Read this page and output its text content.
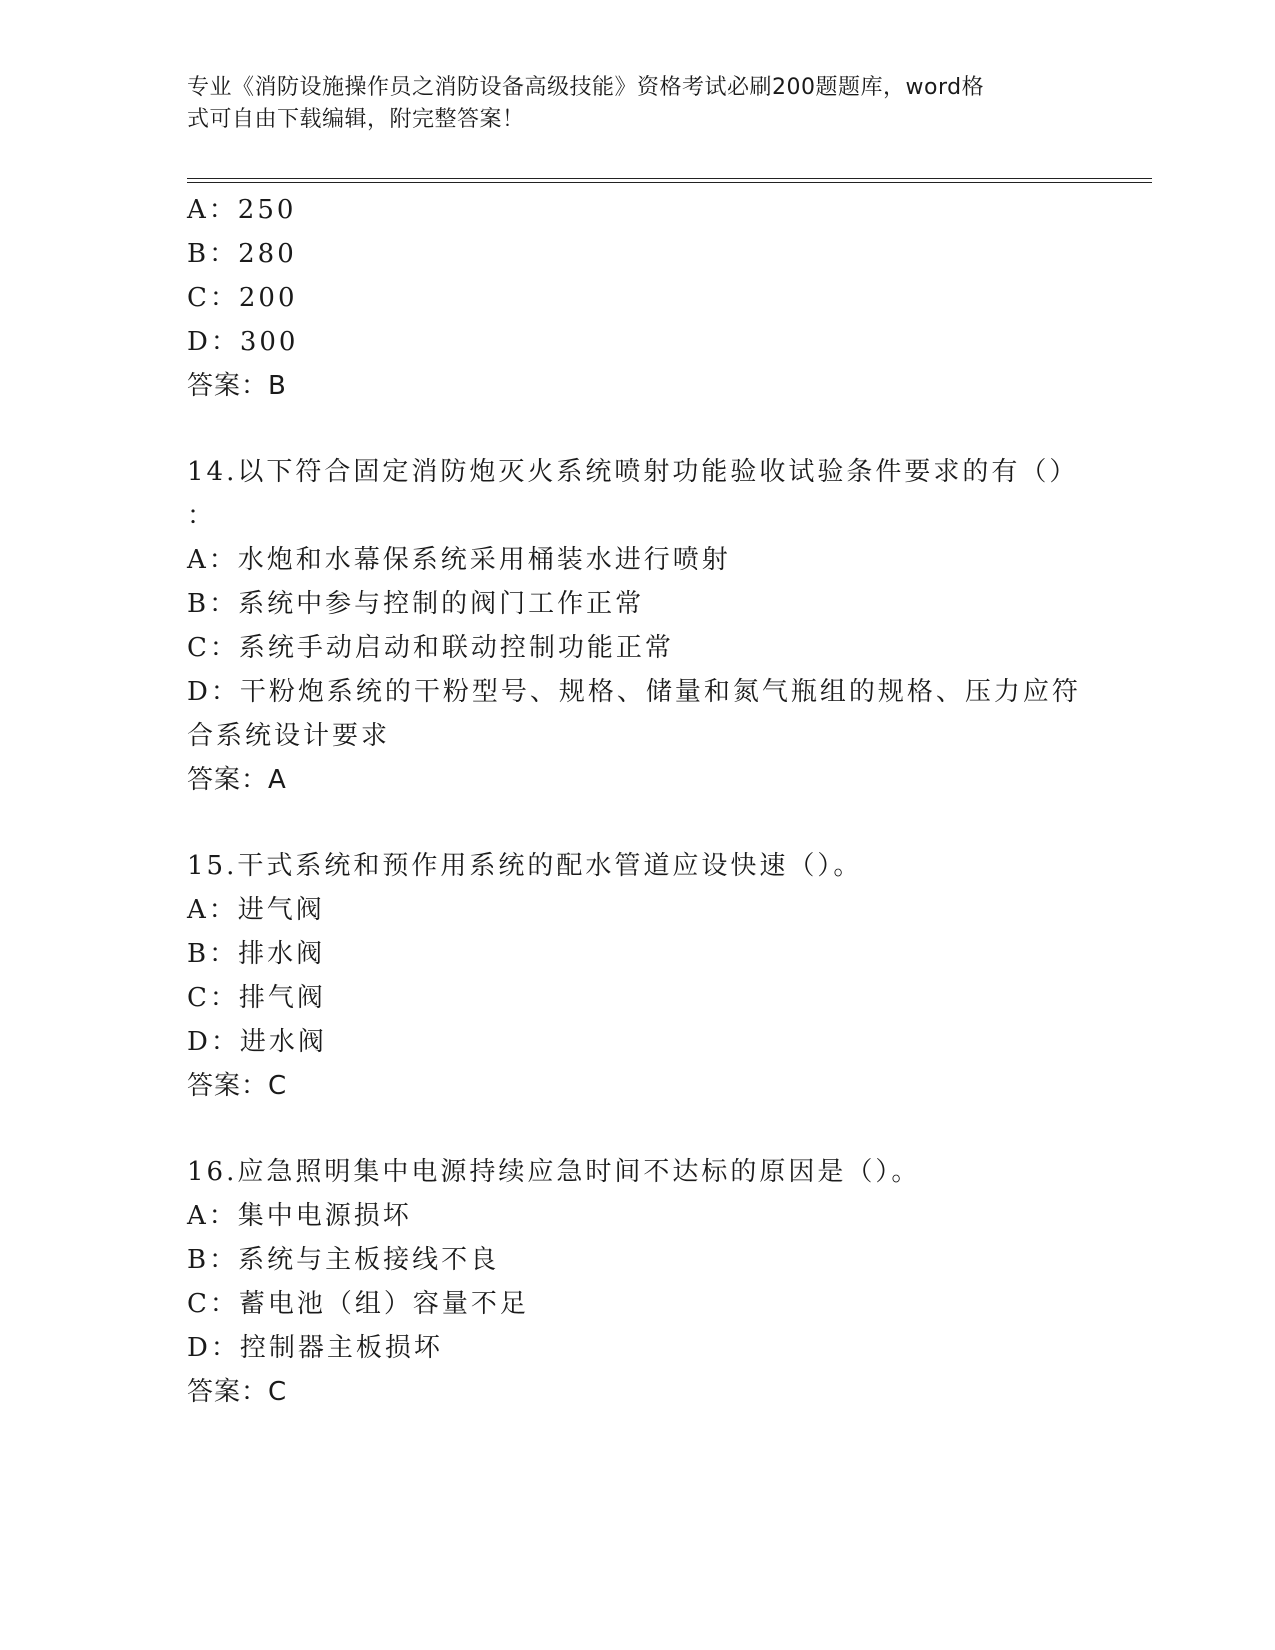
专业《消防设施操作员之消防设备高级技能》资格考试必刷200题题库，word格
式可自由下载编辑，附完整答案！
A：250
B：280
C：200
D：300
答案：B
14.以下符合固定消防炮灭火系统喷射功能验收试验条件要求的有（）
：
A：水炮和水幕保系统采用桶装水进行喷射
B：系统中参与控制的阀门工作正常
C：系统手动启动和联动控制功能正常
D：干粉炮系统的干粉型号、规格、储量和氮气瓶组的规格、压力应符
合系统设计要求
答案：A
15.干式系统和预作用系统的配水管道应设快速（）。
A：进气阀
B：排水阀
C：排气阀
D：进水阀
答案：C
16.应急照明集中电源持续应急时间不达标的原因是（）。
A：集中电源损坏
B：系统与主板接线不良
C：蓄电池（组）容量不足
D：控制器主板损坏
答案：C
